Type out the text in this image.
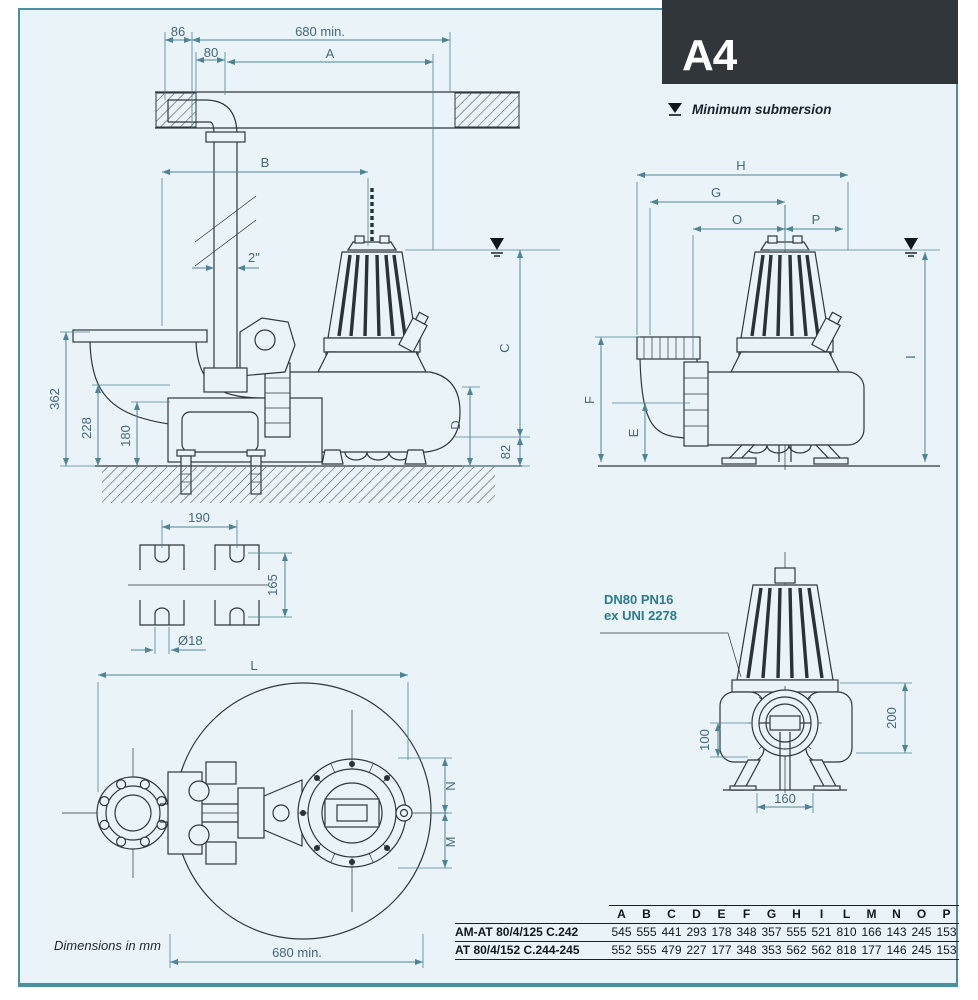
86	680 min.
80	A
B
2"
362
228 180
C
D
82
H
G
O	P
F
E
I
190
165
Ø18
L
N
M
680 min.
100
200
160
A4
Minimum submersion
DN80 PN16
ex UNI 2278
	A	B	C	D	E	F	G	H	I	L	M	N	O	P
AM-AT 80/4/125 C.242	545	555	441	293	178	348	357	555	521	810	166	143	245	153
AT 80/4/152 C.244-245	552	555	479	227	177	348	353	562	562	818	177	146	245	153
Dimensions in mm
